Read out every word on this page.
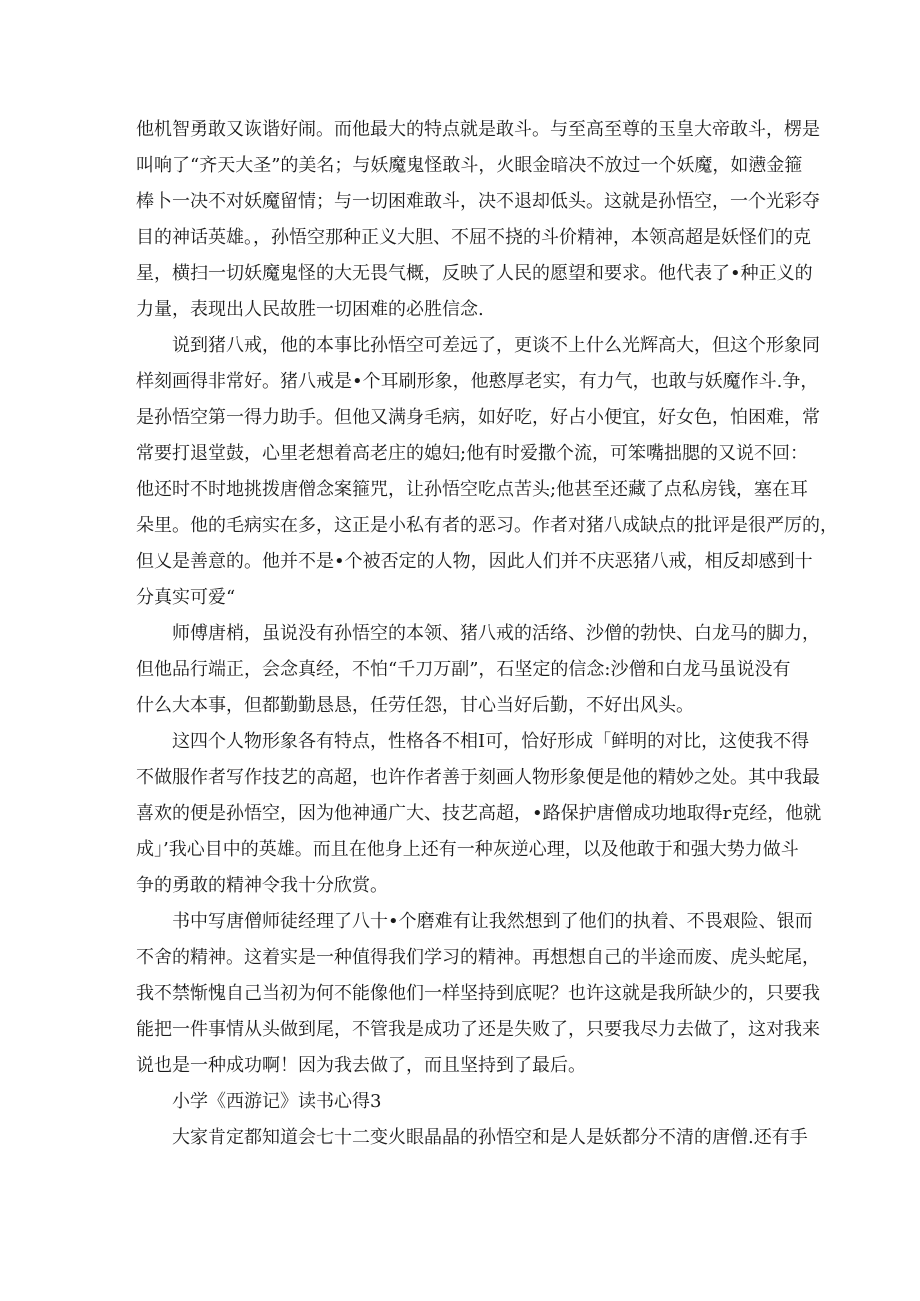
他机智勇敢又诙谐好闹。而他最大的特点就是敢斗。与至高至尊的玉皇大帝敢斗，楞是
叫响了“齐天大圣”的美名；与妖魔鬼怪敢斗，火眼金暗决不放过一个妖魔，如懑金箍
棒卜一决不对妖魔留情；与一切困难敢斗，决不退却低头。这就是孙悟空，一个光彩夺
目的神话英雄。，孙悟空那种正义大胆、不屈不挠的斗价精神，本领高超是妖怪们的克
星，横扫一切妖魔鬼怪的大无畏气概，反映了人民的愿望和要求。他代表了•种正义的
力量，表现出人民故胜一切困难的必胜信念.
　　说到猪八戒，他的本事比孙悟空可差远了，更谈不上什么光辉高大，但这个形象同
样刻画得非常好。猪八戒是•个耳刷形象，他憨厚老实，有力气，也敢与妖魔作斗.争，
是孙悟空第一得力助手。但他又满身毛病，如好吃，好占小便宜，好女色，怕困难，常
常要打退堂鼓，心里老想着高老庄的媳妇;他有时爱撒个流，可笨嘴拙腮的又说不回：
他还时不时地挑拨唐僧念案箍咒，让孙悟空吃点苦头;他甚至还藏了点私房钱，塞在耳
朵里。他的毛病实在多，这正是小私有者的恶习。作者对猪八成缺点的批评是很严厉的，
但乂是善意的。他并不是•个被否定的人物，因此人们并不庆恶猪八戒，相反却感到十
分真实可爱“
　　师傅唐梢，虽说没有孙悟空的本领、猪八戒的活络、沙僧的勃快、白龙马的脚力，
但他品行端正，会念真经，不怕“千刀万副”，石坚定的信念:沙僧和白龙马虽说没有
什么大本事，但都勤勤恳恳，任劳任怨，甘心当好后勤，不好出风头。
　　这四个人物形象各有特点，性格各不相I可，恰好形成「鲜明的对比，这使我不得
不做服作者写作技艺的高超，也许作者善于刻画人物形象便是他的精妙之处。其中我最
喜欢的便是孙悟空，因为他神通广大、技艺高超，•路保护唐僧成功地取得r克经，他就
成」’我心目中的英雄。而且在他身上还有一种灰逆心理，以及他敢于和强大势力做斗
争的勇敢的精神令我十分欣赏。
　　书中写唐僧师徒经理了八十•个磨难有让我然想到了他们的执着、不畏艰险、银而
不舍的精神。这着实是一种值得我们学习的精神。再想想自己的半途而废、虎头蛇尾，
我不禁惭愧自己当初为何不能像他们一样坚持到底呢？也许这就是我所缺少的，只要我
能把一件事情从头做到尾，不管我是成功了还是失败了，只要我尽力去做了，这对我来
说也是一种成功啊！因为我去做了，而且坚持到了最后。
小学《西游记》读书心得3
　　大家肯定都知道会七十二变火眼晶晶的孙悟空和是人是妖都分不清的唐僧.还有手
